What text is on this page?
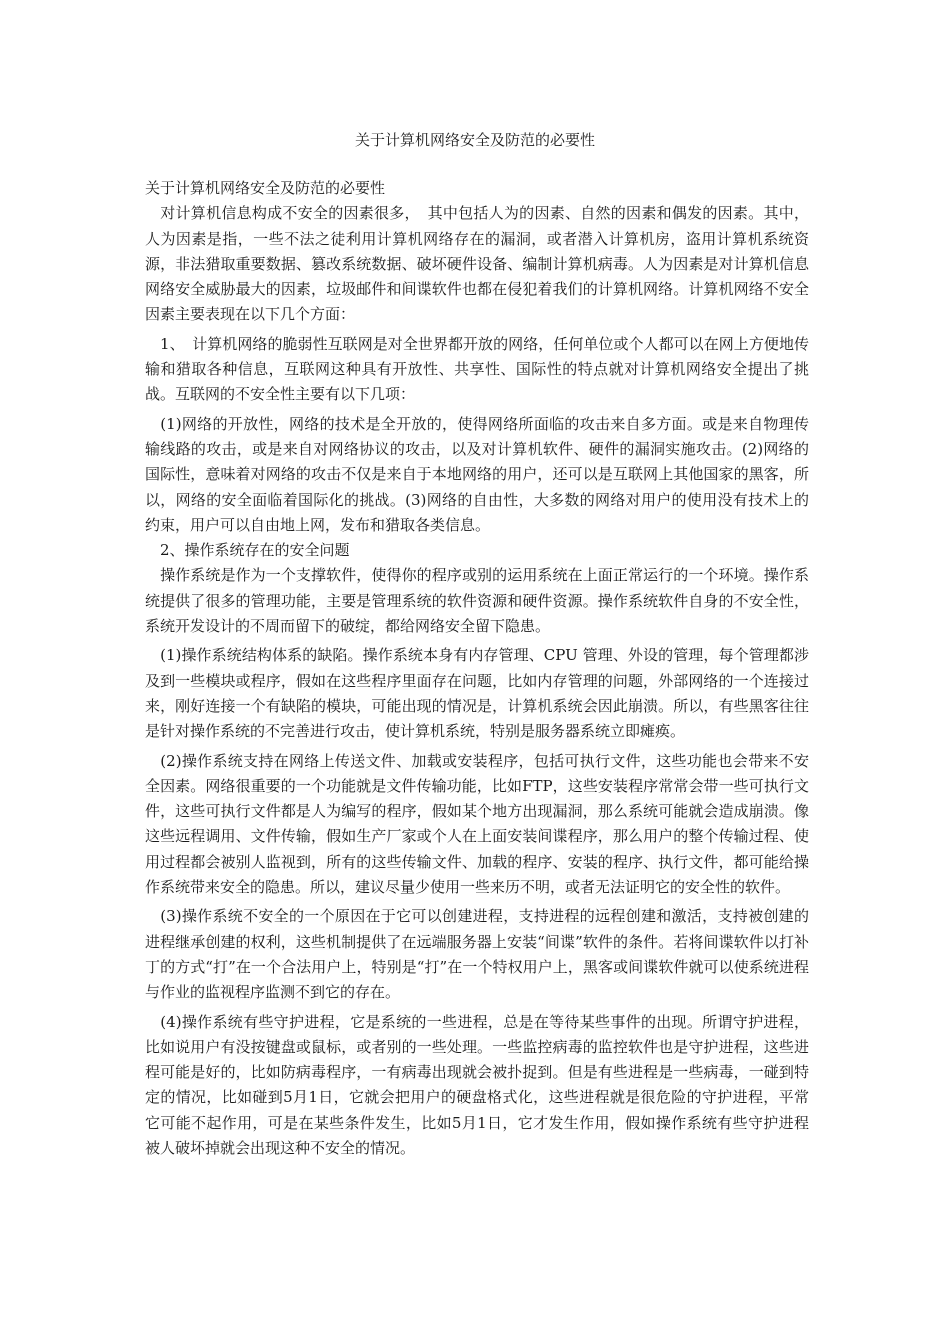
关于计算机网络安全及防范的必要性

关于计算机网络安全及防范的必要性

　对计算机信息构成不安全的因素很多，　其中包括人为的因素、自然的因素和偶发的因素。其中，人为因素是指，一些不法之徒利用计算机网络存在的漏洞，或者潜入计算机房，盗用计算机系统资源，非法猎取重要数据、篡改系统数据、破坏硬件设备、编制计算机病毒。人为因素是对计算机信息网络安全威胁最大的因素，垃圾邮件和间谍软件也都在侵犯着我们的计算机网络。计算机网络不安全因素主要表现在以下几个方面：

　1、　计算机网络的脆弱性互联网是对全世界都开放的网络，任何单位或个人都可以在网上方便地传输和猎取各种信息，互联网这种具有开放性、共享性、国际性的特点就对计算机网络安全提出了挑战。互联网的不安全性主要有以下几项：

　(1)网络的开放性，网络的技术是全开放的，使得网络所面临的攻击来自多方面。或是来自物理传输线路的攻击，或是来自对网络协议的攻击，以及对计算机软件、硬件的漏洞实施攻击。(2)网络的国际性，意味着对网络的攻击不仅是来自于本地网络的用户，还可以是互联网上其他国家的黑客，所以，网络的安全面临着国际化的挑战。(3)网络的自由性，大多数的网络对用户的使用没有技术上的约束，用户可以自由地上网，发布和猎取各类信息。

　2、操作系统存在的安全问题

　操作系统是作为一个支撑软件，使得你的程序或别的运用系统在上面正常运行的一个环境。操作系统提供了很多的管理功能，主要是管理系统的软件资源和硬件资源。操作系统软件自身的不安全性，系统开发设计的不周而留下的破绽，都给网络安全留下隐患。

　(1)操作系统结构体系的缺陷。操作系统本身有内存管理、CPU 管理、外设的管理，每个管理都涉及到一些模块或程序，假如在这些程序里面存在问题，比如内存管理的问题，外部网络的一个连接过来，刚好连接一个有缺陷的模块，可能出现的情况是，计算机系统会因此崩溃。所以，有些黑客往往是针对操作系统的不完善进行攻击，使计算机系统，特别是服务器系统立即瘫痪。

　(2)操作系统支持在网络上传送文件、加载或安装程序，包括可执行文件，这些功能也会带来不安全因素。网络很重要的一个功能就是文件传输功能，比如FTP，这些安装程序常常会带一些可执行文件，这些可执行文件都是人为编写的程序，假如某个地方出现漏洞，那么系统可能就会造成崩溃。像这些远程调用、文件传输，假如生产厂家或个人在上面安装间谍程序，那么用户的整个传输过程、使用过程都会被别人监视到，所有的这些传输文件、加载的程序、安装的程序、执行文件，都可能给操作系统带来安全的隐患。所以，建议尽量少使用一些来历不明，或者无法证明它的安全性的软件。

　(3)操作系统不安全的一个原因在于它可以创建进程，支持进程的远程创建和激活，支持被创建的进程继承创建的权利，这些机制提供了在远端服务器上安装“间谍”软件的条件。若将间谍软件以打补丁的方式“打”在一个合法用户上，特别是“打”在一个特权用户上，黑客或间谍软件就可以使系统进程与作业的监视程序监测不到它的存在。

　(4)操作系统有些守护进程，它是系统的一些进程，总是在等待某些事件的出现。所谓守护进程，比如说用户有没按键盘或鼠标，或者别的一些处理。一些监控病毒的监控软件也是守护进程，这些进程可能是好的，比如防病毒程序，一有病毒出现就会被扑捉到。但是有些进程是一些病毒，一碰到特定的情况，比如碰到5月1日，它就会把用户的硬盘格式化，这些进程就是很危险的守护进程，平常它可能不起作用，可是在某些条件发生，比如5月1日，它才发生作用，假如操作系统有些守护进程被人破坏掉就会出现这种不安全的情况。
